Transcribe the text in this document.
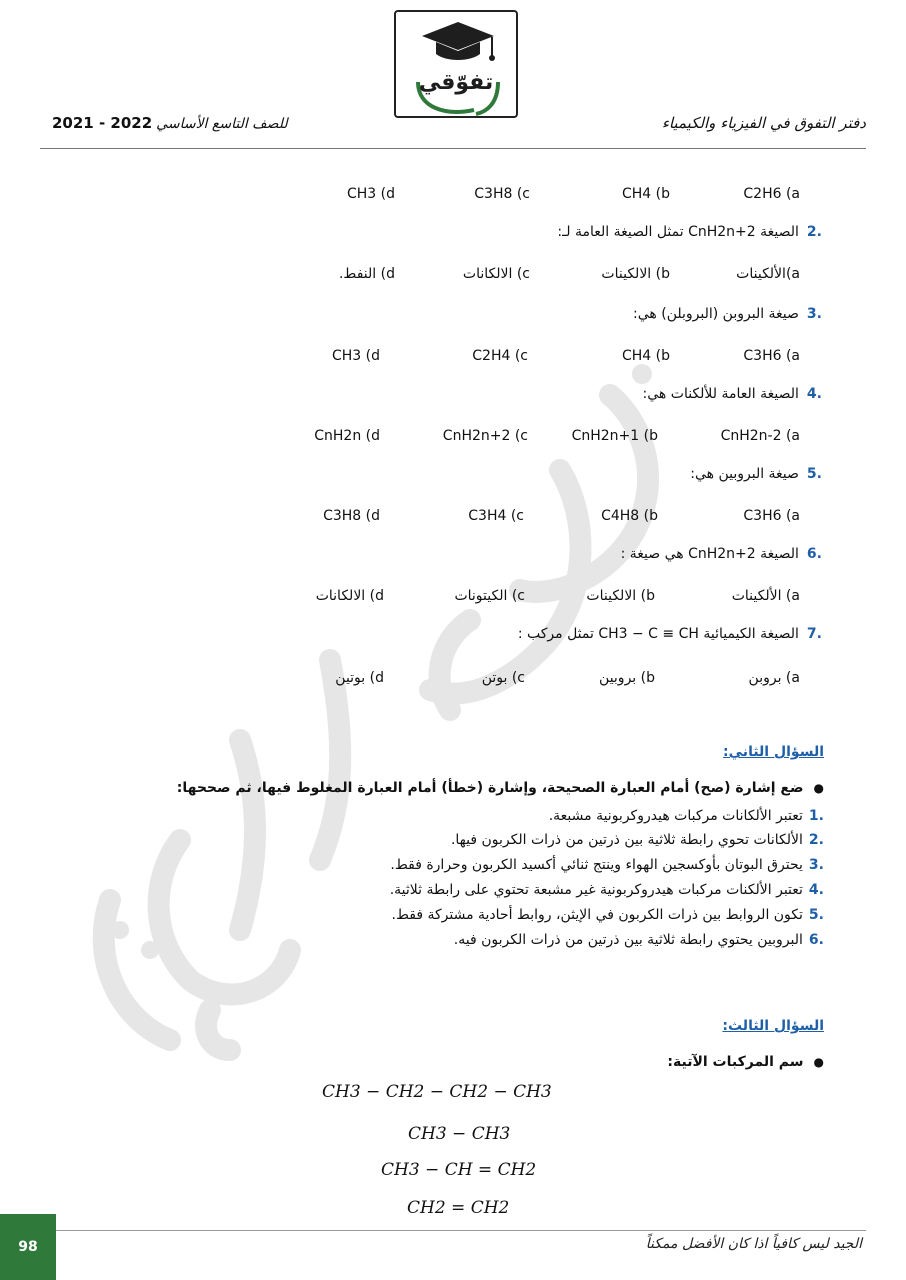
تفوّقي
2021 - 2022 للصف التاسع الأساسي	دفتر التفوق في الفيزياء والكيمياء
C2H6 (a
CH4 (b
C3H8 (c
CH3 (d
.2الصيغة CnH2n+2 تمثل الصيغة العامة لـ:
a)الألكينات
b) الالكينات
c) الالكانات
d) النفط.
.3صيغة البروبن (البروبلن) هي:
C3H6 (a
CH4 (b
C2H4 (c
CH3 (d
.4الصيغة العامة للألكنات هي:
CnH2n-2 (a
CnH2n+1 (b
CnH2n+2 (c
CnH2n (d
.5صيغة البروبين هي:
C3H6 (a
C4H8 (b
C3H4 (c
C3H8 (d
.6الصيغة CnH2n+2 هي صيغة :
a) الألكينات
b) الالكينات
c) الكيتونات
d) الالكانات
.7الصيغة الكيميائية CH3 − C ≡ CH تمثل مركب :
a) بروبن
b) بروبين
c) بوتن
d) بوتين
السؤال الثاني:
●ضع إشارة (صح) أمام العبارة الصحيحة، وإشارة (خطأ) أمام العبارة المغلوط فيها، ثم صححها:
.1تعتبر الألكانات مركبات هيدروكربونية مشبعة.
.2الألكانات تحوي رابطة ثلاثية بين ذرتين من ذرات الكربون فيها.
.3يحترق البوتان بأوكسجين الهواء وينتج ثنائي أكسيد الكربون وحرارة فقط.
.4تعتبر الألكنات مركبات هيدروكربونية غير مشبعة تحتوي على رابطة ثلاثية.
.5تكون الروابط بين ذرات الكربون في الإيثن، روابط أحادية مشتركة فقط.
.6البروبين يحتوي رابطة ثلاثية بين ذرتين من ذرات الكربون فيه.
السؤال الثالث:
●سم المركبات الآتية:
CH3 − CH2 − CH2 − CH3
CH3 − CH3
CH3 − CH = CH2
CH2 = CH2
98	الجيد ليس كافياً اذا كان الأفضل ممكناً
